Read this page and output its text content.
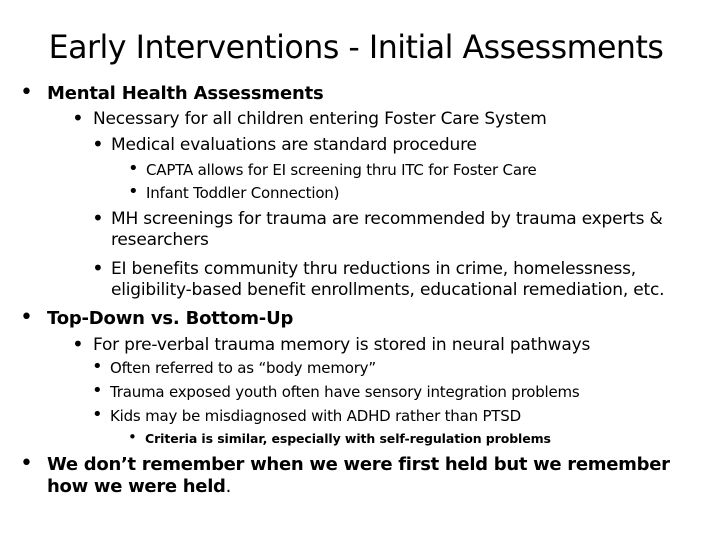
Early Interventions - Initial Assessments
• Mental Health Assessments
• Necessary for all children entering Foster Care System
• Medical evaluations are standard procedure
• CAPTA allows for EI screening thru ITC for Foster Care
• Infant Toddler Connection)
• MH screenings for trauma are recommended by trauma experts &
researchers
• EI benefits community thru reductions in crime, homelessness,
eligibility-based benefit enrollments, educational remediation, etc.
• Top-Down vs. Bottom-Up
• For pre-verbal trauma memory is stored in neural pathways
• Often referred to as “body memory”
• Trauma exposed youth often have sensory integration problems
• Kids may be misdiagnosed with ADHD rather than PTSD
• Criteria is similar, especially with self-regulation problems
• We don’t remember when we were first held but we remember
how we were held.
